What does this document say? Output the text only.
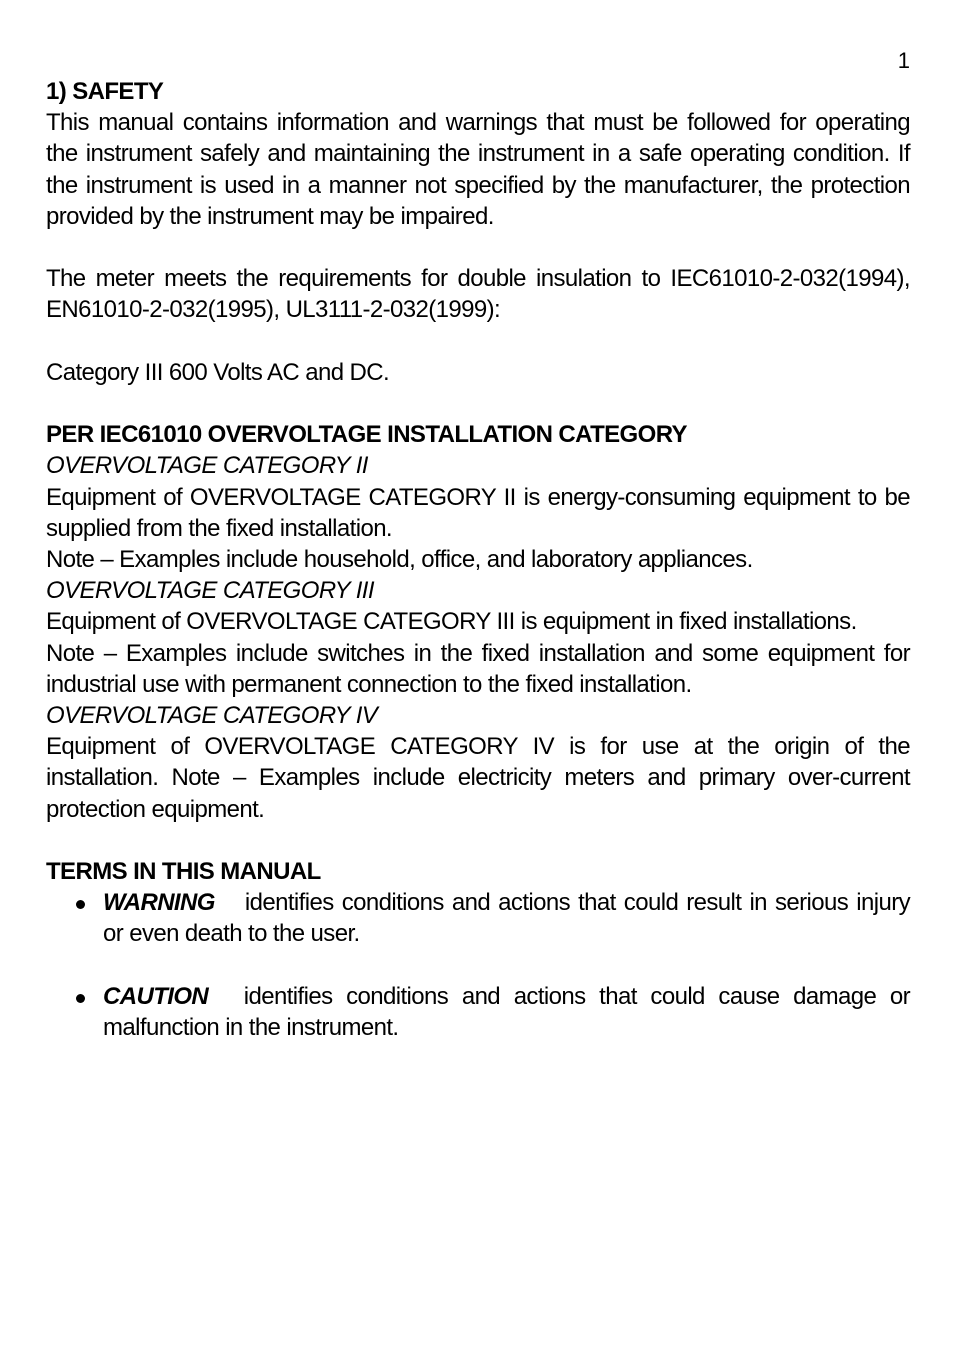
1

1) SAFETY

This manual contains information and warnings that must be followed for operating the instrument safely and maintaining the instrument in a safe operating condition. If the instrument is used in a manner not specified by the manufacturer, the protection provided by the instrument may be impaired.

The meter meets the requirements for double insulation to IEC61010-2-032(1994), EN61010-2-032(1995), UL3111-2-032(1999):

Category III 600 Volts AC and DC.

PER IEC61010 OVERVOLTAGE INSTALLATION CATEGORY

OVERVOLTAGE CATEGORY II

Equipment of OVERVOLTAGE CATEGORY II is energy-consuming equipment to be supplied from the fixed installation.

Note – Examples include household, office, and laboratory appliances.

OVERVOLTAGE CATEGORY III

Equipment of OVERVOLTAGE CATEGORY III is equipment in fixed installations.

Note – Examples include switches in the fixed installation and some equipment for industrial use with permanent connection to the fixed installation.

OVERVOLTAGE CATEGORY IV

Equipment of OVERVOLTAGE CATEGORY IV is for use at the origin of the installation. Note – Examples include electricity meters and primary over-current protection equipment.

TERMS IN THIS MANUAL

WARNING identifies conditions and actions that could result in serious injury or even death to the user.
CAUTION identifies conditions and actions that could cause damage or malfunction in the instrument.
